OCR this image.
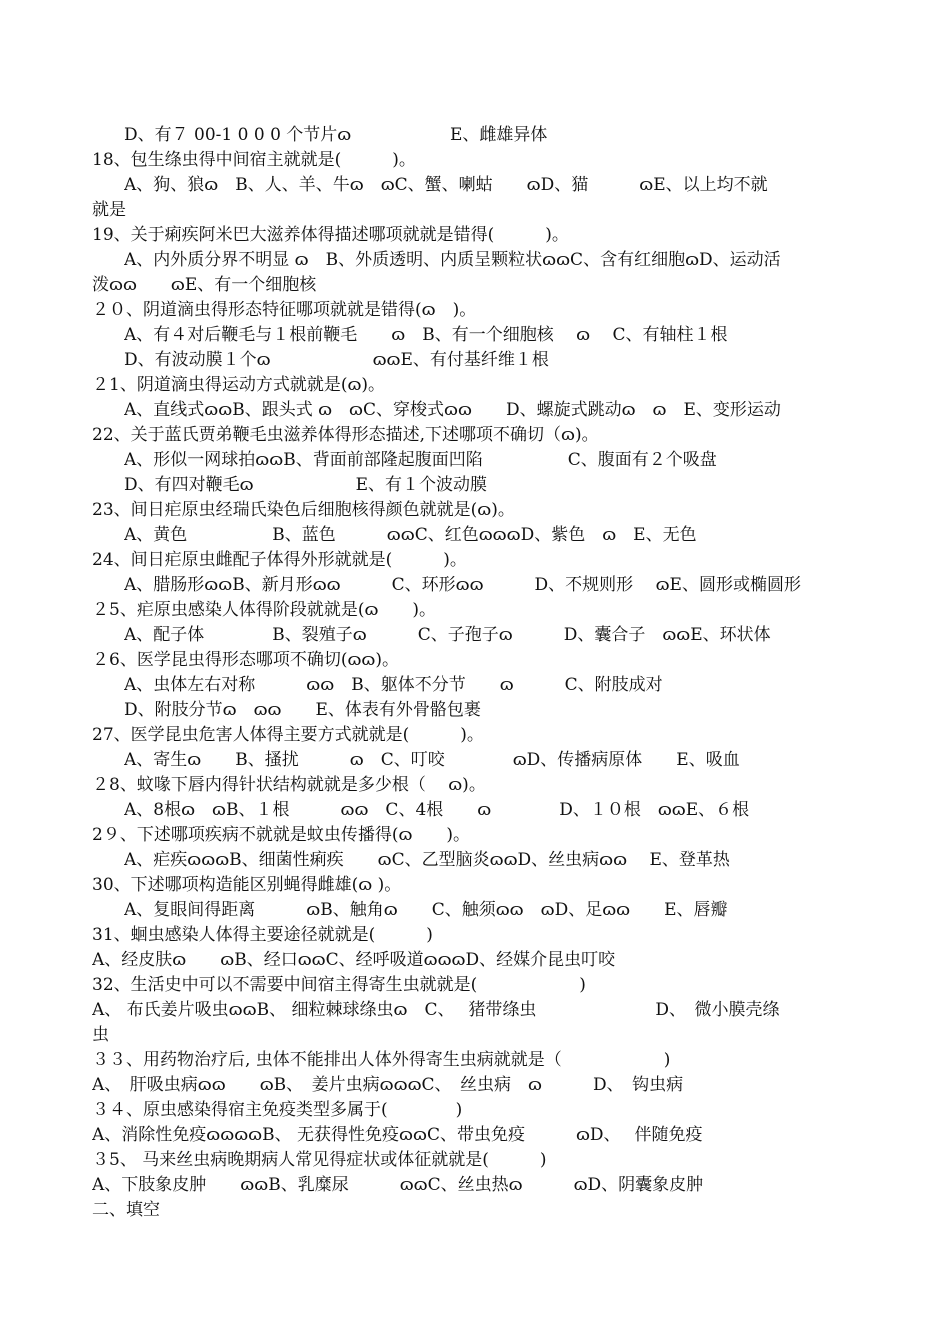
D、有７ 00-1 0 0 0 个节片ɷ

	E、雌雄异体

18、包生绦虫得中间宿主就就是(　　　)。
A、狗、狼ɷ　B、人、羊、牛ɷ　ɷC、蟹、喇蛄　　ɷD、猫　　　ɷE、以上均不就
就是
19、关于痢疾阿米巴大滋养体得描述哪项就就是错得(　　　)。
A、内外质分界不明显 ɷ　B、外质透明、内质呈颗粒状ɷɷC、含有红细胞ɷD、运动活
泼ɷɷ　　ɷE、有一个细胞核
２０、阴道滴虫得形态特征哪项就就是错得(ɷ　)。
A、有４对后鞭毛与１根前鞭毛　　ɷ　B、有一个细胞核　 ɷ　 C、有轴柱１根
D、有波动膜１个ɷ　　　　　　ɷɷE、有付基纤维１根
２1、阴道滴虫得运动方式就就是(ɷ)。
A、直线式ɷɷB、跟头式 ɷ　ɷC、穿梭式ɷɷ　　D、螺旋式跳动ɷ　ɷ　E、变形运动
22、关于蓝氏贾弟鞭毛虫滋养体得形态描述,下述哪项不确切（ɷ)。
A、形似一网球拍ɷɷB、背面前部隆起腹面凹陷　　　　　C、腹面有２个吸盘
D、有四对鞭毛ɷ　　　　　　E、有１个波动膜
23、间日疟原虫经瑞氏染色后细胞核得颜色就就是(ɷ)。
A、黄色　　　　　B、蓝色　　　ɷɷC、红色ɷɷɷD、紫色　ɷ　E、无色
24、间日疟原虫雌配子体得外形就就是(　　　)。
A、腊肠形ɷɷB、新月形ɷɷ　　　C、环形ɷɷ　　　D、不规则形　 ɷE、圆形或椭圆形
２5、疟原虫感染人体得阶段就就是(ɷ　　)。
A、配子体　　　　B、裂殖子ɷ　　　C、子孢子ɷ　　　D、囊合子　ɷɷE、环状体
２6、医学昆虫得形态哪项不确切(ɷɷ)。
A、虫体左右对称　　　ɷɷ　B、躯体不分节　　ɷ　　　C、附肢成对
D、附肢分节ɷ　ɷɷ　　E、体表有外骨骼包裹
27、医学昆虫危害人体得主要方式就就是(　　　)。
A、寄生ɷ　　B、搔扰　　　ɷ　C、叮咬　　　　ɷD、传播病原体　　E、吸血
２8、蚊喙下唇内得针状结构就就是多少根（　 ɷ)。
A、8根ɷ　ɷB、１根　　　ɷɷ　C、4根　　ɷ　　　　D、１０根　ɷɷE、６根
2９、下述哪项疾病不就就是蚊虫传播得(ɷ　　)。
A、疟疾ɷɷɷB、细菌性痢疾　　ɷC、乙型脑炎ɷɷD、丝虫病ɷɷ　 E、登革热
30、下述哪项构造能区别蝇得雌雄(ɷ )。
A、复眼间得距离　　　ɷB、触角ɷ　　C、触须ɷɷ　ɷD、足ɷɷ　　E、唇瓣
31、蛔虫感染人体得主要途径就就是(　　　)
A、经皮肤ɷ　　ɷB、经口ɷɷC、经呼吸道ɷɷɷD、经媒介昆虫叮咬
32、生活史中可以不需要中间宿主得寄生虫就就是(　　　　　　)
A、 布氏姜片吸虫ɷɷB、 细粒棘球绦虫ɷ　C、　 猪带绦虫　　　　　　　D、　微小膜壳绦
虫
３３、用药物治疗后, 虫体不能排出人体外得寄生虫病就就是（　　　　　　)
A、　肝吸虫病ɷɷ　　ɷB、　姜片虫病ɷɷɷC、　丝虫病　ɷ　　　D、　钩虫病
３４、原虫感染得宿主免疫类型多属于(　　　　)
A、消除性免疫ɷɷɷɷB、 无获得性免疫ɷɷC、带虫免疫　　　ɷD、　 伴随免疫
３5、 马来丝虫病晚期病人常见得症状或体征就就是(　　　)
A、下肢象皮肿　　ɷɷB、乳糜尿　　　ɷɷC、丝虫热ɷ　　　ɷD、阴囊象皮肿
二、填空
